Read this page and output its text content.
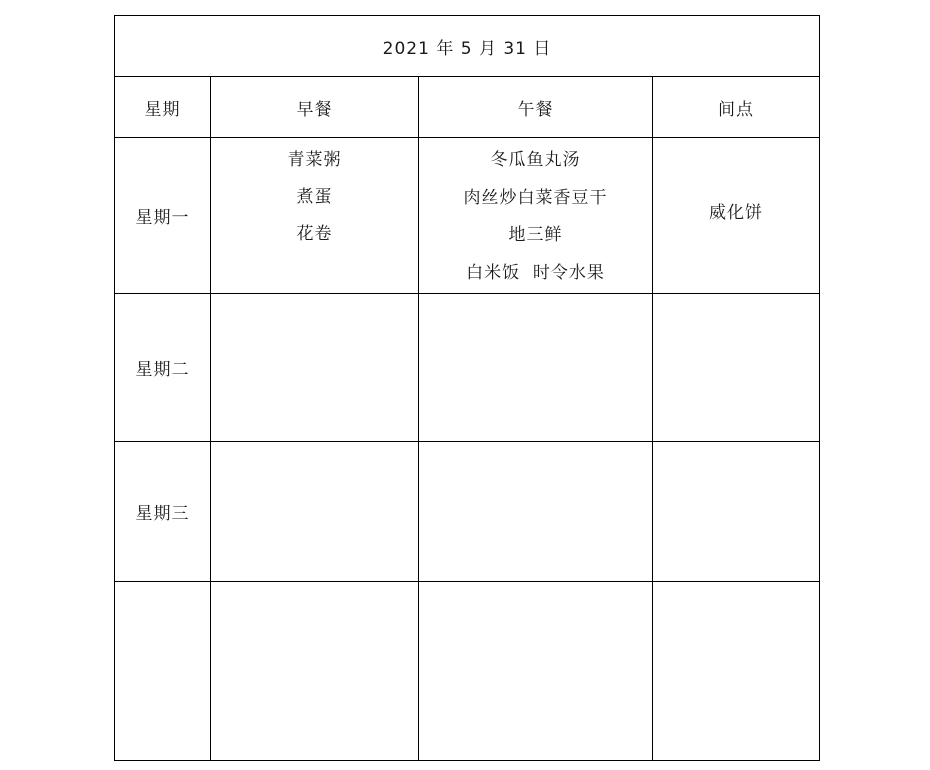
2021 年 5 月 31 日			
星期	早餐	午餐	间点
星期一	青菜粥
煮蛋
花卷	冬瓜鱼丸汤
肉丝炒白菜香豆干
地三鲜
白米饭  时令水果	威化饼

星期二			
星期三			
